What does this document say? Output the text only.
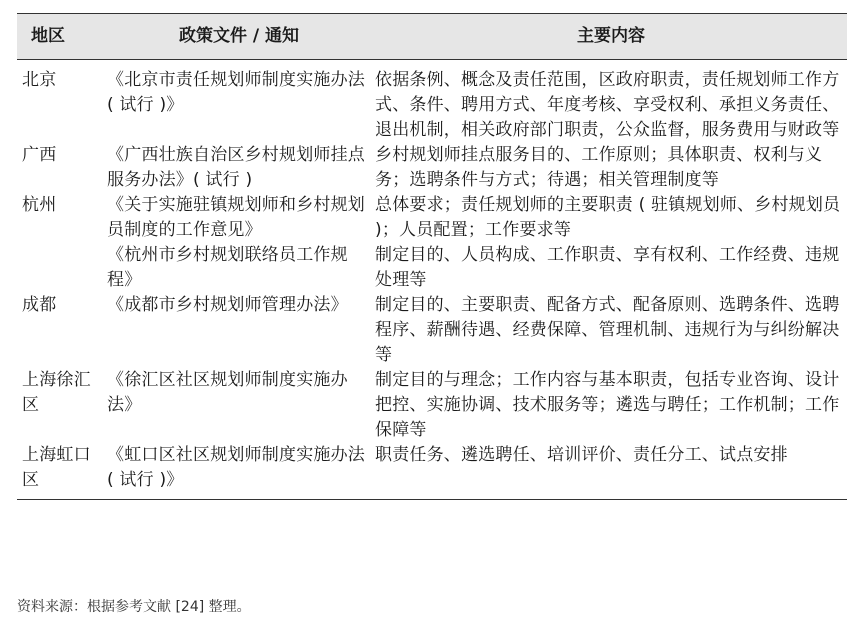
地区	政策文件 / 通知	主要内容
北京	《北京市责任规划师制度实施办法 ( 试行 )》	依据条例、概念及责任范围，区政府职责，责任规划师工作方式、条件、聘用方式、年度考核、享受权利、承担义务责任、退出机制，相关政府部门职责，公众监督，服务费用与财政等
广西	《广西壮族自治区乡村规划师挂点服务办法》( 试行 )	乡村规划师挂点服务目的、工作原则；具体职责、权利与义务；选聘条件与方式；待遇；相关管理制度等
杭州	《关于实施驻镇规划师和乡村规划员制度的工作意见》	总体要求；责任规划师的主要职责 ( 驻镇规划师、乡村规划员 )；人员配置；工作要求等
	《杭州市乡村规划联络员工作规程》	制定目的、人员构成、工作职责、享有权利、工作经费、违规处理等
成都	《成都市乡村规划师管理办法》	制定目的、主要职责、配备方式、配备原则、选聘条件、选聘程序、薪酬待遇、经费保障、管理机制、违规行为与纠纷解决等
上海徐汇区	《徐汇区社区规划师制度实施办法》	制定目的与理念；工作内容与基本职责，包括专业咨询、设计把控、实施协调、技术服务等；遴选与聘任；工作机制；工作保障等
上海虹口区	《虹口区社区规划师制度实施办法 ( 试行 )》	职责任务、遴选聘任、培训评价、责任分工、试点安排
资料来源：根据参考文献 [24] 整理。
